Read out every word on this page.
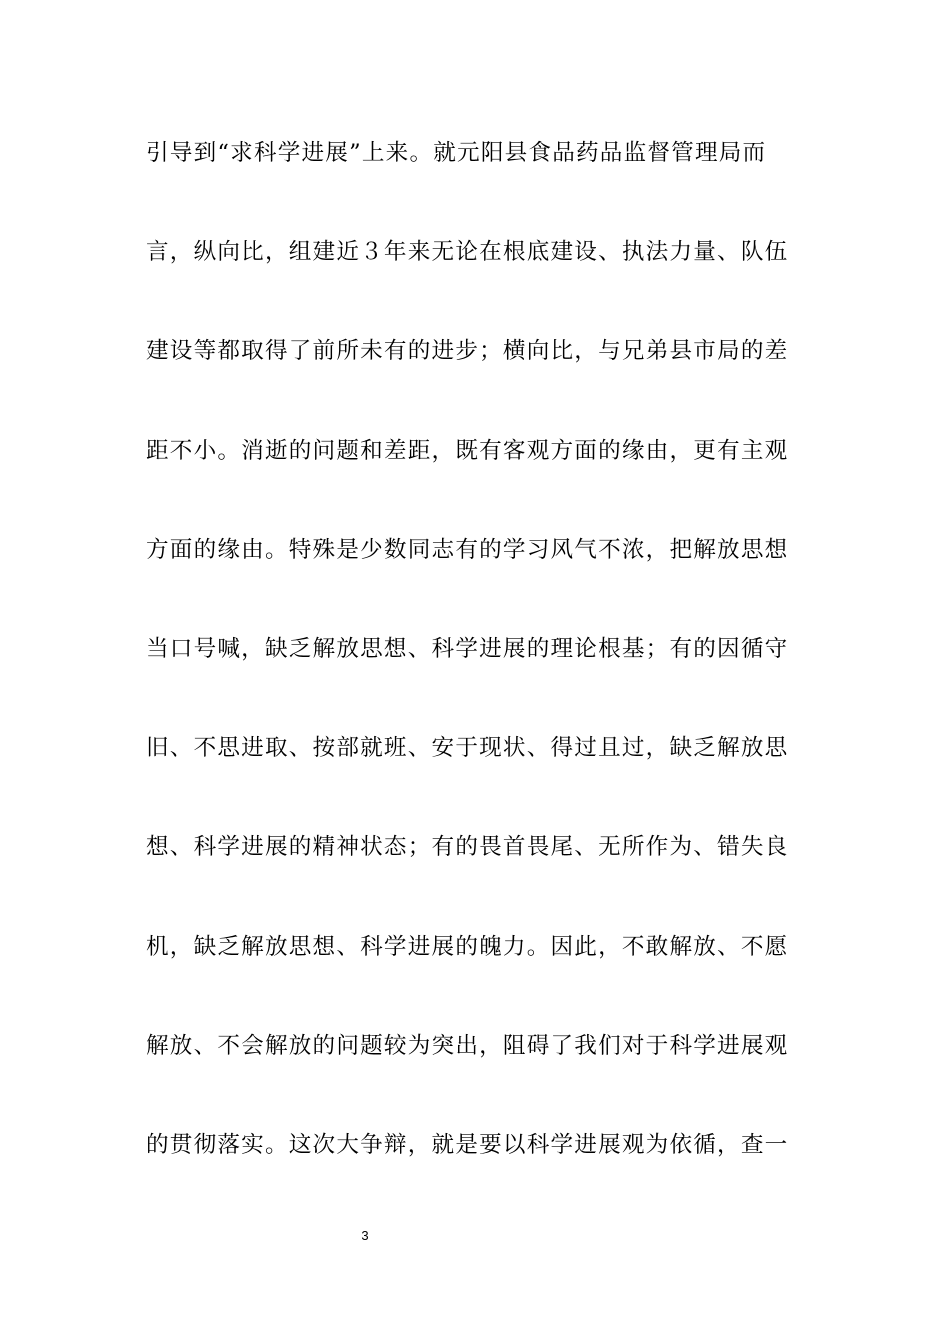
引导到“求科学进展”上来。就元阳县食品药品监督管理局而
言，纵向比，组建近３年来无论在根底建设、执法力量、队伍
建设等都取得了前所未有的进步；横向比，与兄弟县市局的差
距不小。消逝的问题和差距，既有客观方面的缘由，更有主观
方面的缘由。特殊是少数同志有的学习风气不浓，把解放思想
当口号喊，缺乏解放思想、科学进展的理论根基；有的因循守
旧、不思进取、按部就班、安于现状、得过且过，缺乏解放思
想、科学进展的精神状态；有的畏首畏尾、无所作为、错失良
机，缺乏解放思想、科学进展的魄力。因此，不敢解放、不愿
解放、不会解放的问题较为突出，阻碍了我们对于科学进展观
的贯彻落实。这次大争辩，就是要以科学进展观为依循，查一
3
